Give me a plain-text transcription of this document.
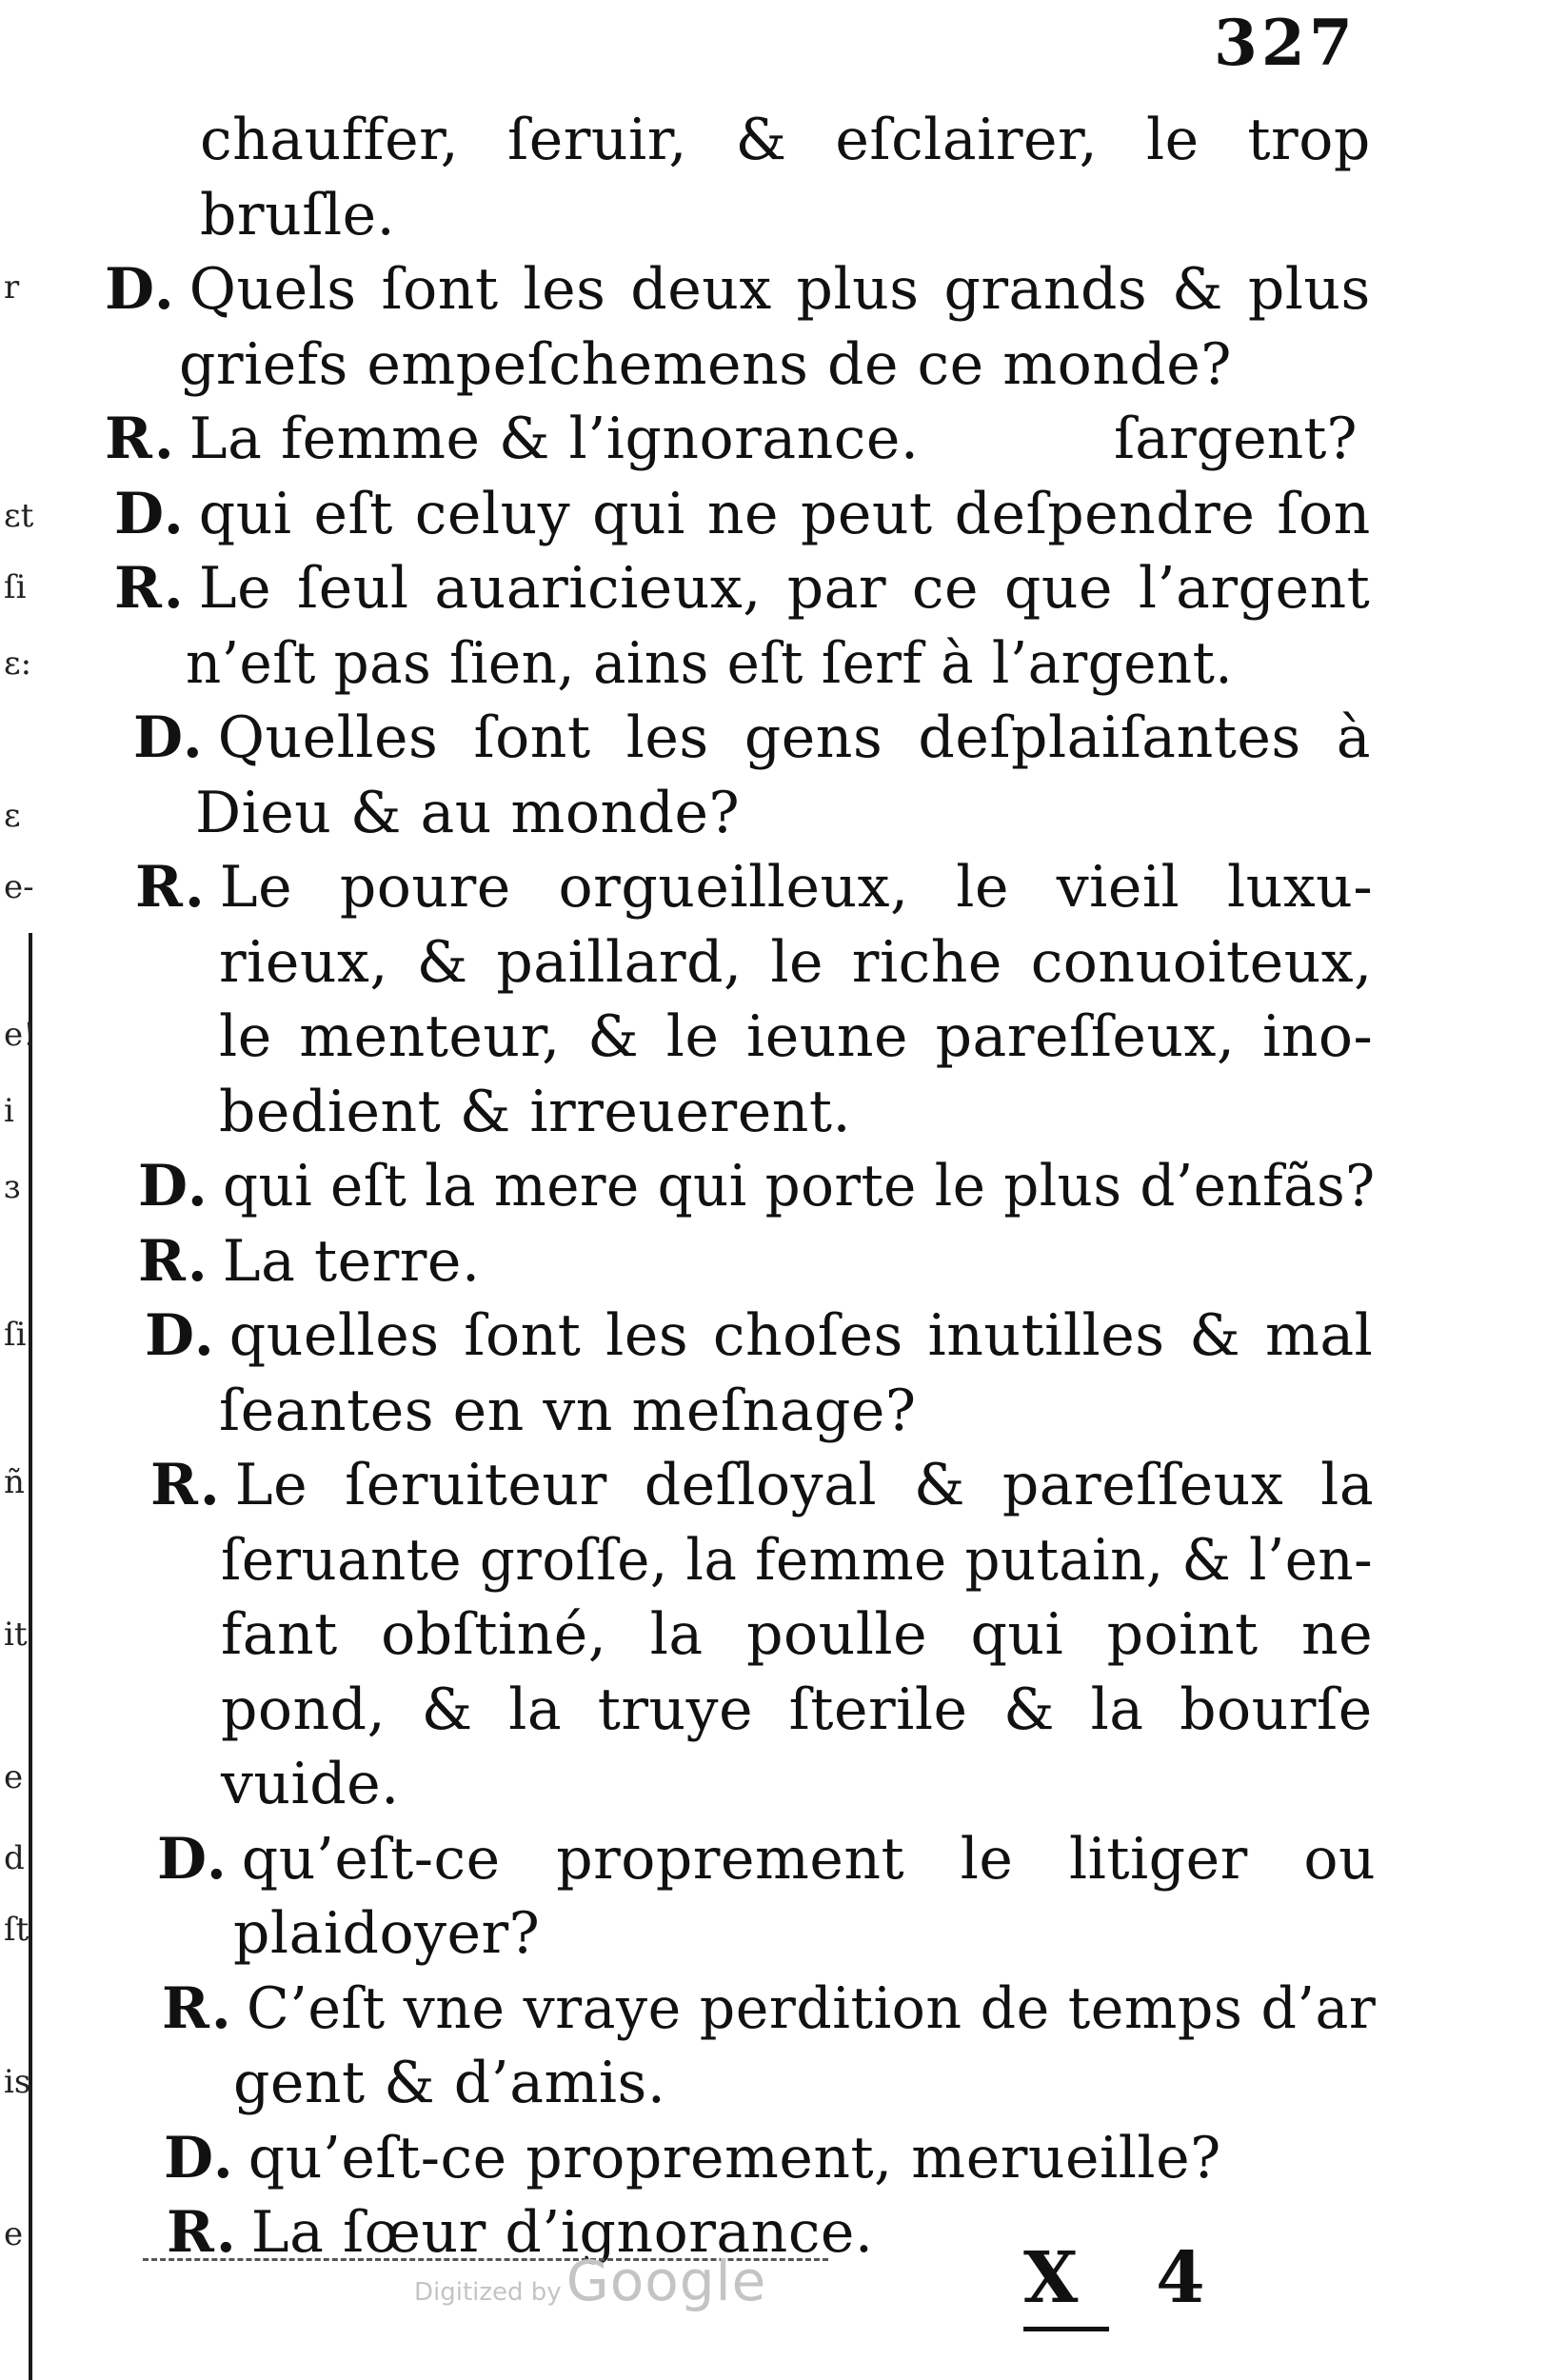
r
ɛt
ſi
ɛ:
ɛ
e-
e!
i
ɜ
ſi
ñ
it
e
d
ſt
is
e
327
chauffer, ſeruir, & eſclairer, le trop
bruſle.
D. Quels ſont les deux plus grands & plus
griefs empeſchemens de ce monde?
R. La femme & l’ignorance.	ſargent?
D. qui eſt celuy qui ne peut deſpendre ſon
R. Le ſeul auaricieux, par ce que l’argent
n’eſt pas ſien, ains eſt ſerf à l’argent.
D. Quelles ſont les gens deſplaiſantes à
Dieu & au monde?
R. Le poure orgueilleux, le vieil luxu-
rieux, & paillard, le riche conuoiteux,
le menteur, & le ieune pareſſeux, ino-
bedient & irreuerent.
D. qui eſt la mere qui porte le plus d’enfãs?
R. La terre.
D. quelles ſont les choſes inutilles & mal
ſeantes en vn meſnage?
R. Le ſeruiteur deſloyal & pareſſeux la
ſeruante groſſe, la femme putain, & l’en-
fant obſtiné, la poulle qui point ne
pond, & la truye ſterile & la bourſe
vuide.
D. qu’eſt-ce proprement le litiger ou
plaidoyer?
R. C’eſt vne vraye perdition de temps d’ar
gent & d’amis.
D. qu’eſt-ce proprement, merueille?
R. La ſœur d’ignorance.
Digitized by Google	X 4
